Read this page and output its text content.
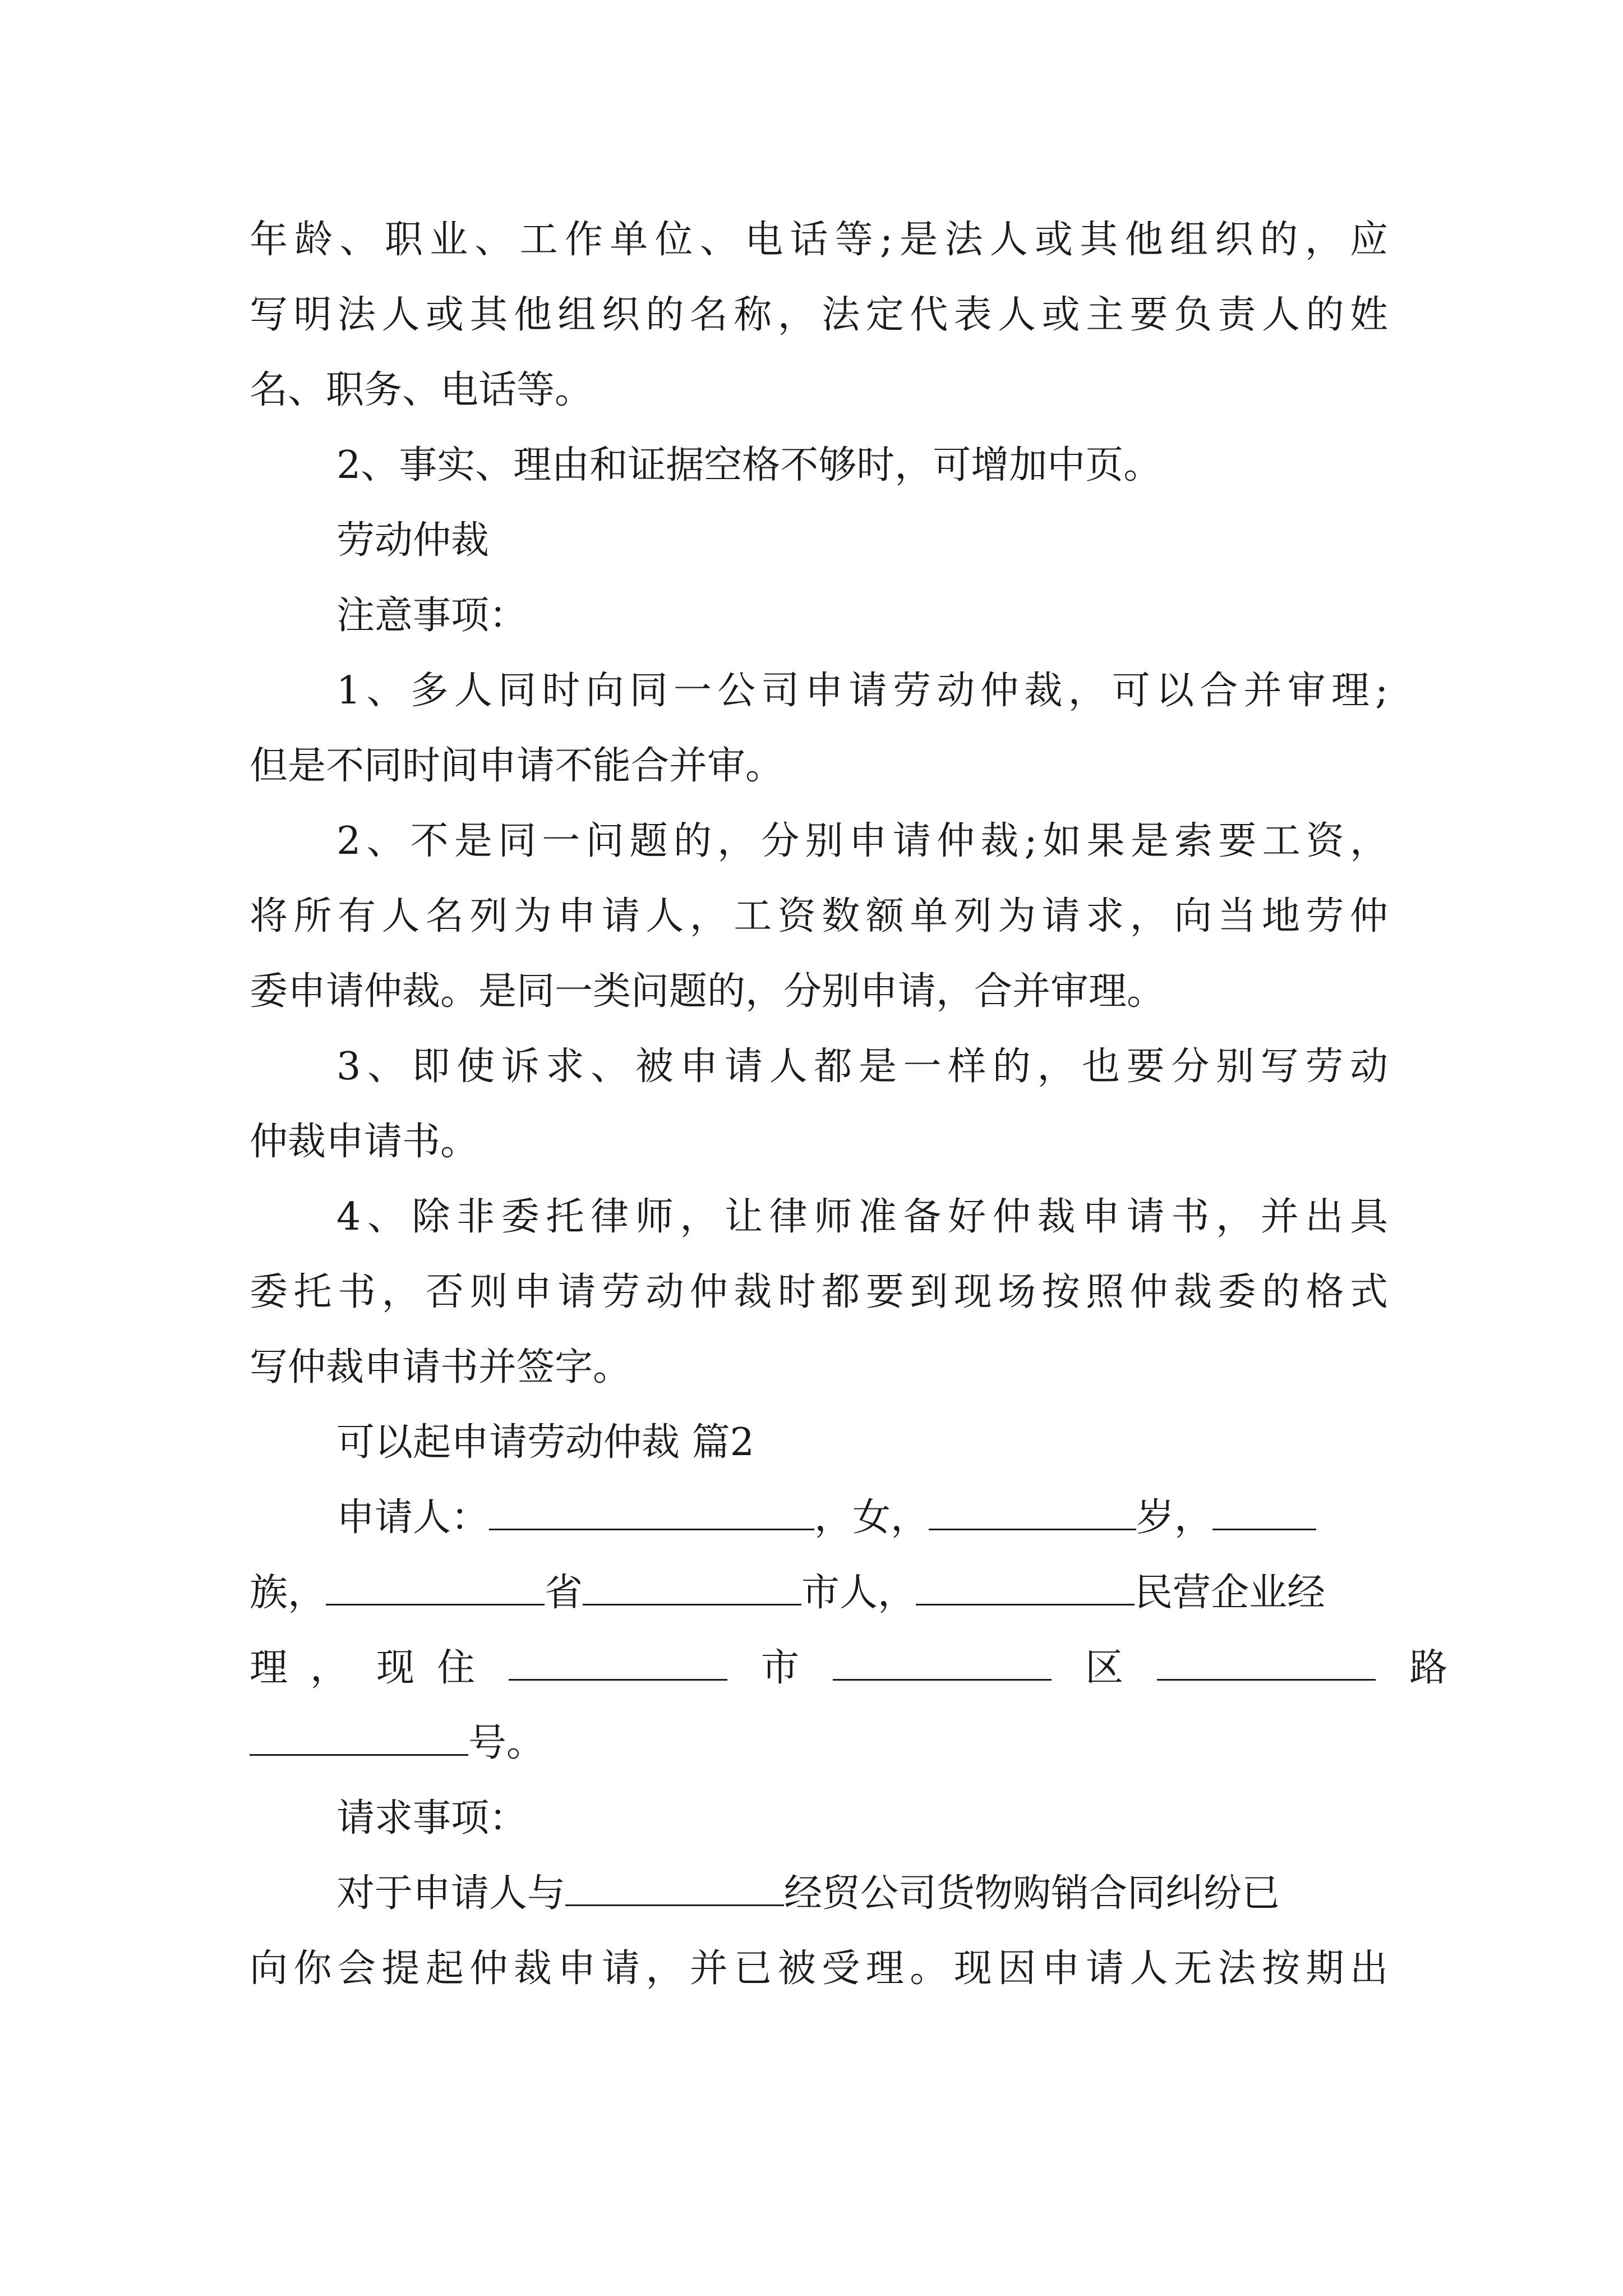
年龄、职业、工作单位、电话等;是法人或其他组织的，应
写明法人或其他组织的名称，法定代表人或主要负责人的姓
名、职务、电话等。
2、事实、理由和证据空格不够时，可增加中页。
劳动仲裁
注意事项：
1、多人同时向同一公司申请劳动仲裁，可以合并审理;
但是不同时间申请不能合并审。
2、不是同一问题的，分别申请仲裁;如果是索要工资，
将所有人名列为申请人，工资数额单列为请求，向当地劳仲
委申请仲裁。是同一类问题的，分别申请，合并审理。
3、即使诉求、被申请人都是一样的，也要分别写劳动
仲裁申请书。
4、除非委托律师，让律师准备好仲裁申请书，并出具
委托书，否则申请劳动仲裁时都要到现场按照仲裁委的格式
写仲裁申请书并签字。
可以起申请劳动仲裁 篇2
申请人：	，女，	岁，
族，	省	市人，	民营企业经
理， 现住	市	区	路
号。
请求事项：
对于申请人与	经贸公司货物购销合同纠纷已
向你会提起仲裁申请，并已被受理。现因申请人无法按期出
